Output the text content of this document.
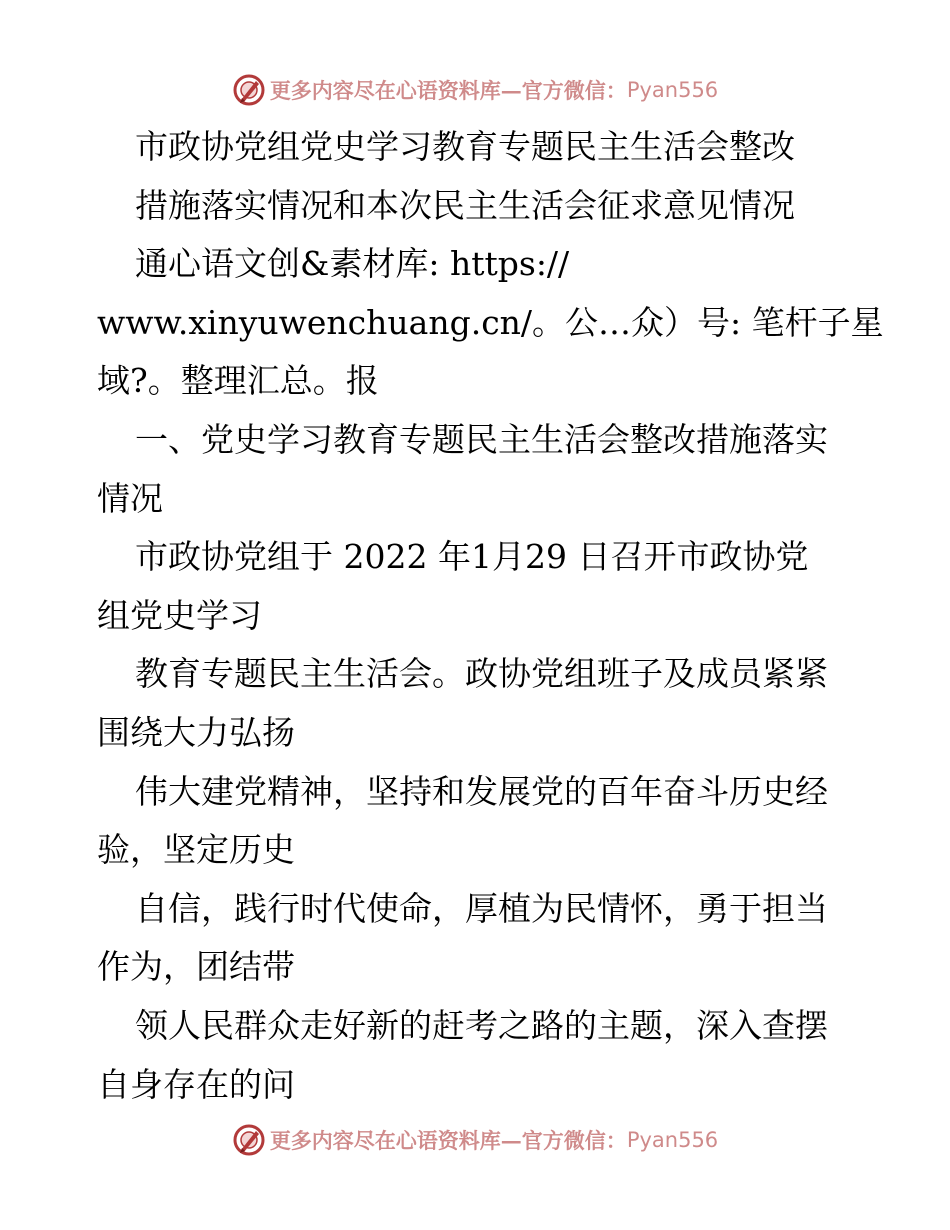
更多内容尽在心语资料库—官方微信： Pyan556
市政协党组党史学习教育专题民主生活会整改
措施落实情况和本次民主生活会征求意见情况
通心语文创&素材库: https://
www.xinyuwenchuang.cn/。公…众）号: 笔杆子星
域?。整理汇总。报
一、党史学习教育专题民主生活会整改措施落实
情况
市政协党组于 2022 年1月29 日召开市政协党
组党史学习
教育专题民主生活会。政协党组班子及成员紧紧
围绕大力弘扬
伟大建党精神，坚持和发展党的百年奋斗历史经
验，坚定历史
自信，践行时代使命，厚植为民情怀，勇于担当
作为，团结带
领人民群众走好新的赶考之路的主题，深入查摆
自身存在的问
更多内容尽在心语资料库—官方微信： Pyan556
